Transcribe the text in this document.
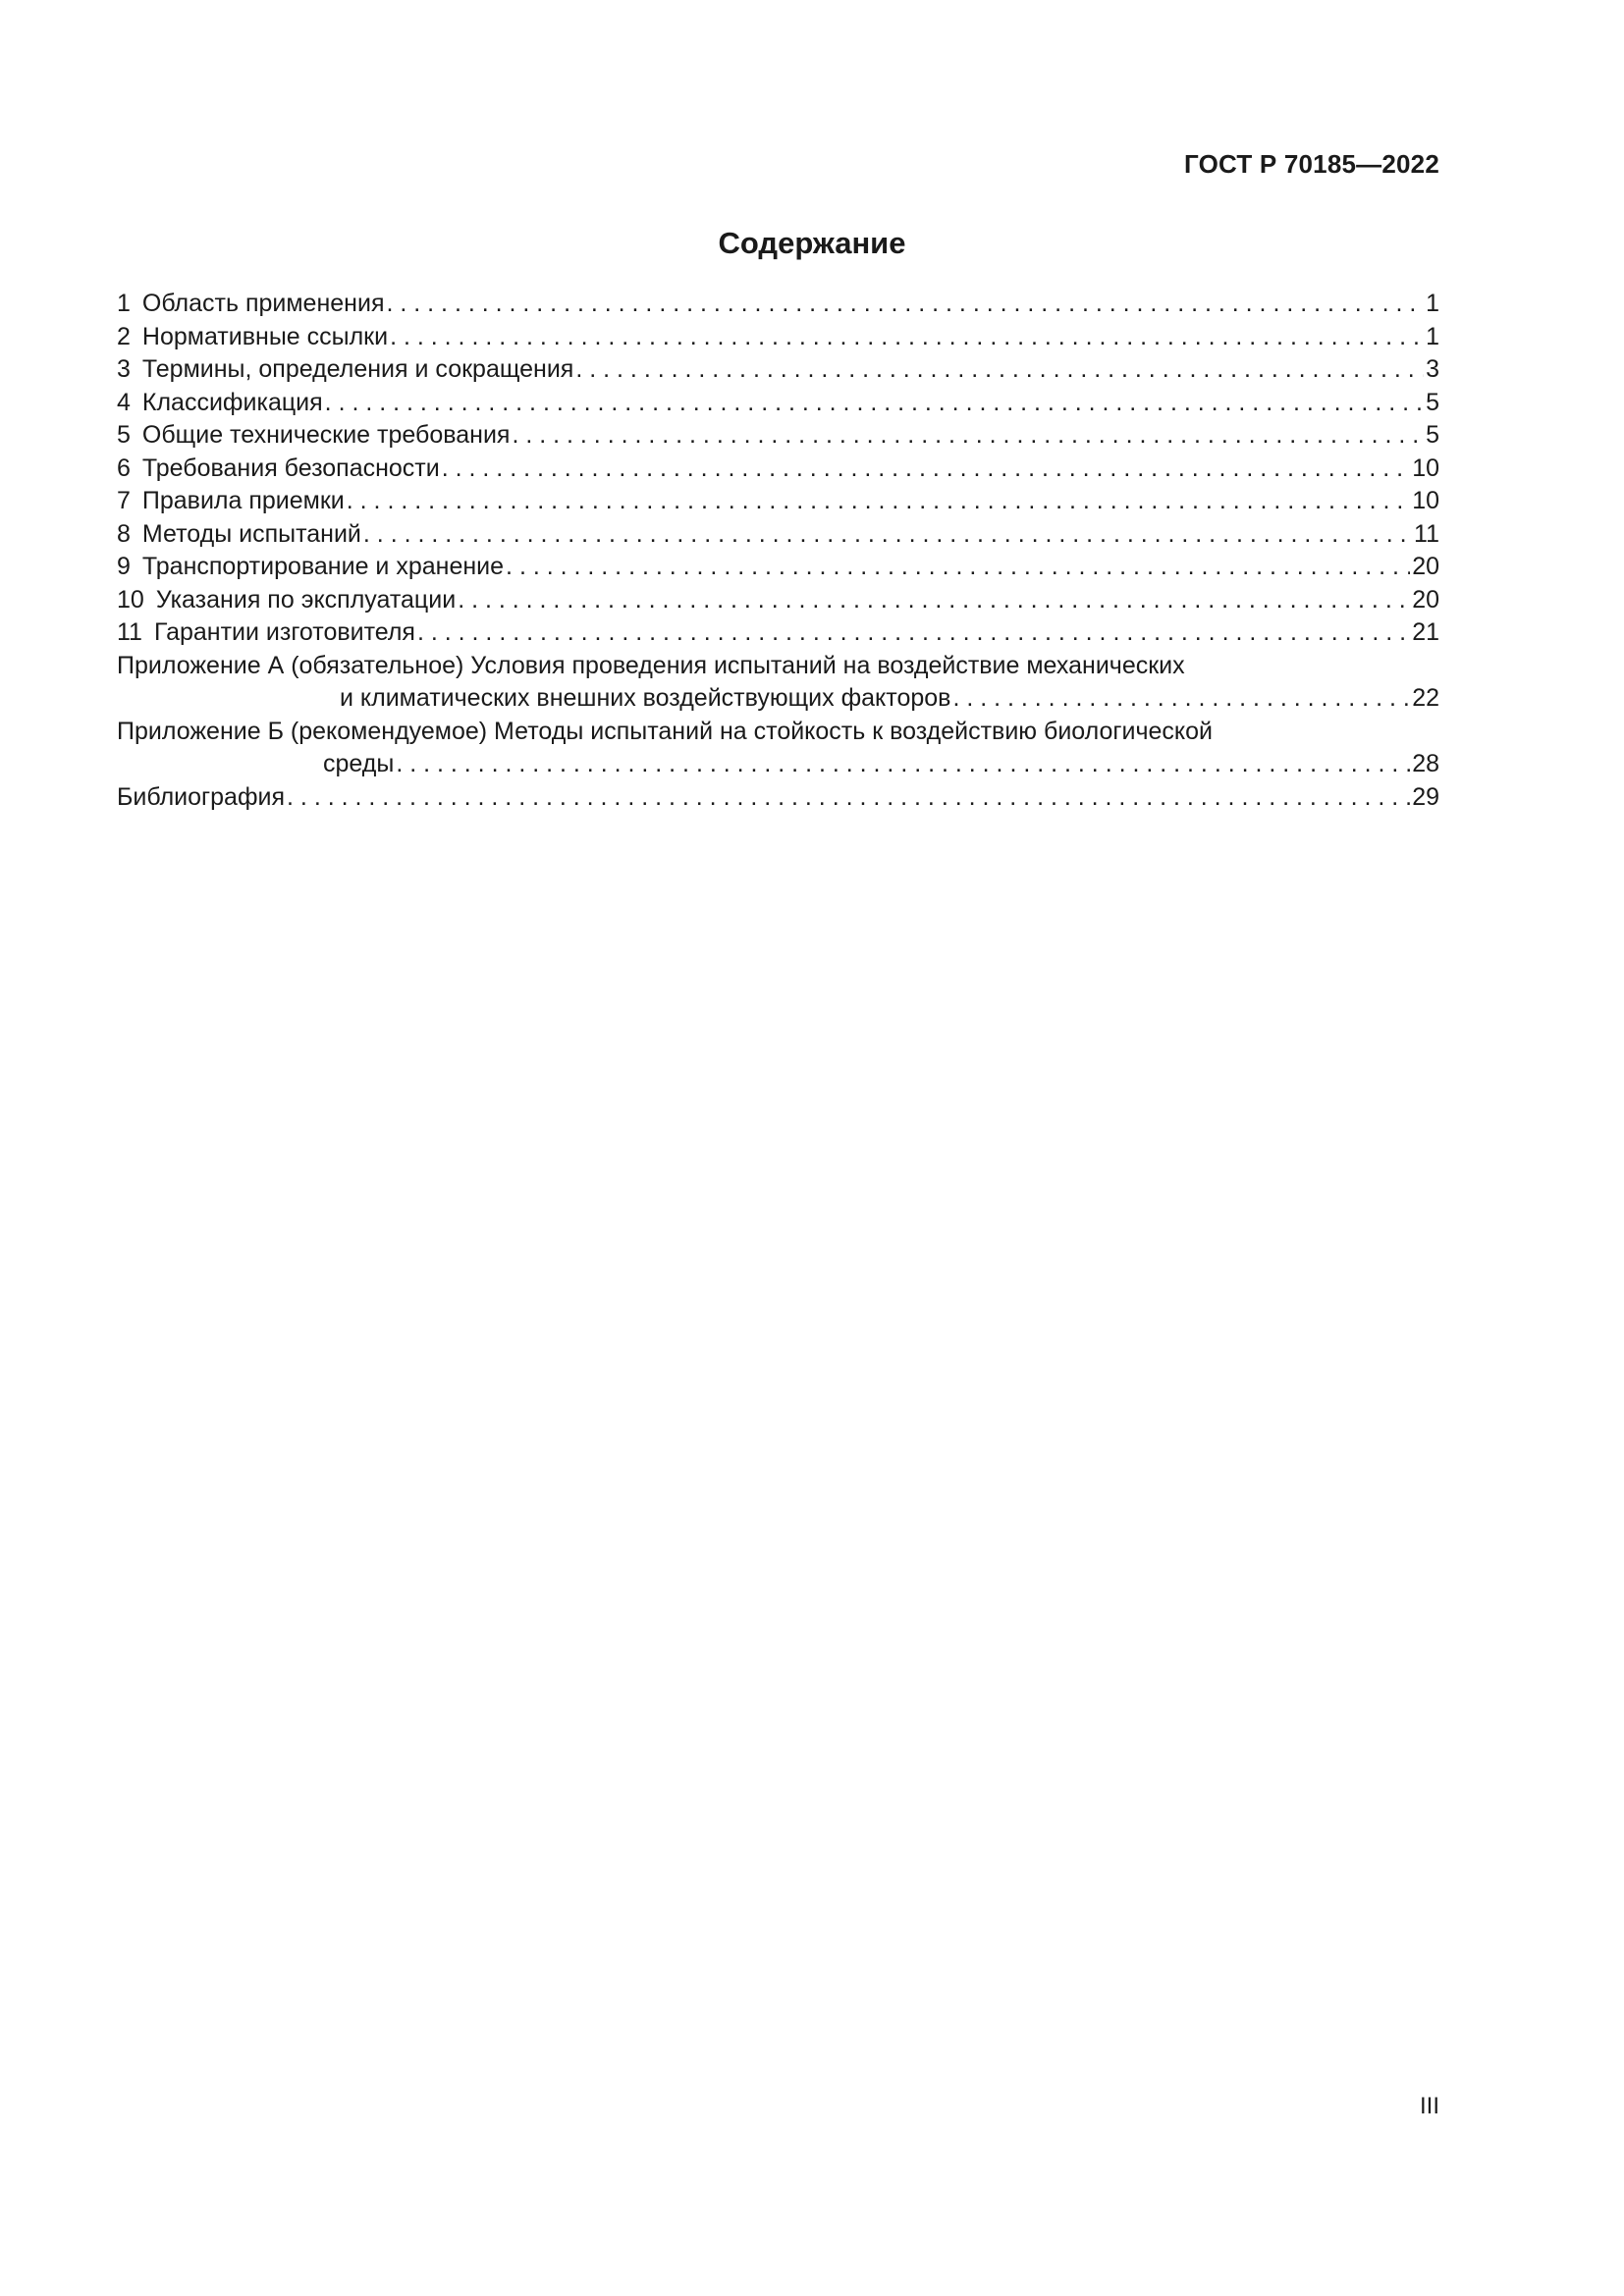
ГОСТ Р 70185—2022
Содержание
1 Область применения . . .	1
2 Нормативные ссылки . . .	1
3 Термины, определения и сокращения . . .	3
4 Классификация . . .	5
5 Общие технические требования . . .	5
6 Требования безопасности . . .	10
7 Правила приемки . . .	10
8 Методы испытаний . . .	11
9 Транспортирование и хранение . . .	20
10 Указания по эксплуатации . . .	20
11 Гарантии изготовителя . . .	21
Приложение А (обязательное) Условия проведения испытаний на воздействие механических
и климатических внешних воздействующих факторов . . .	22
Приложение Б (рекомендуемое) Методы испытаний на стойкость к воздействию биологической
среды . . .	28
Библиография . . .	29
III
